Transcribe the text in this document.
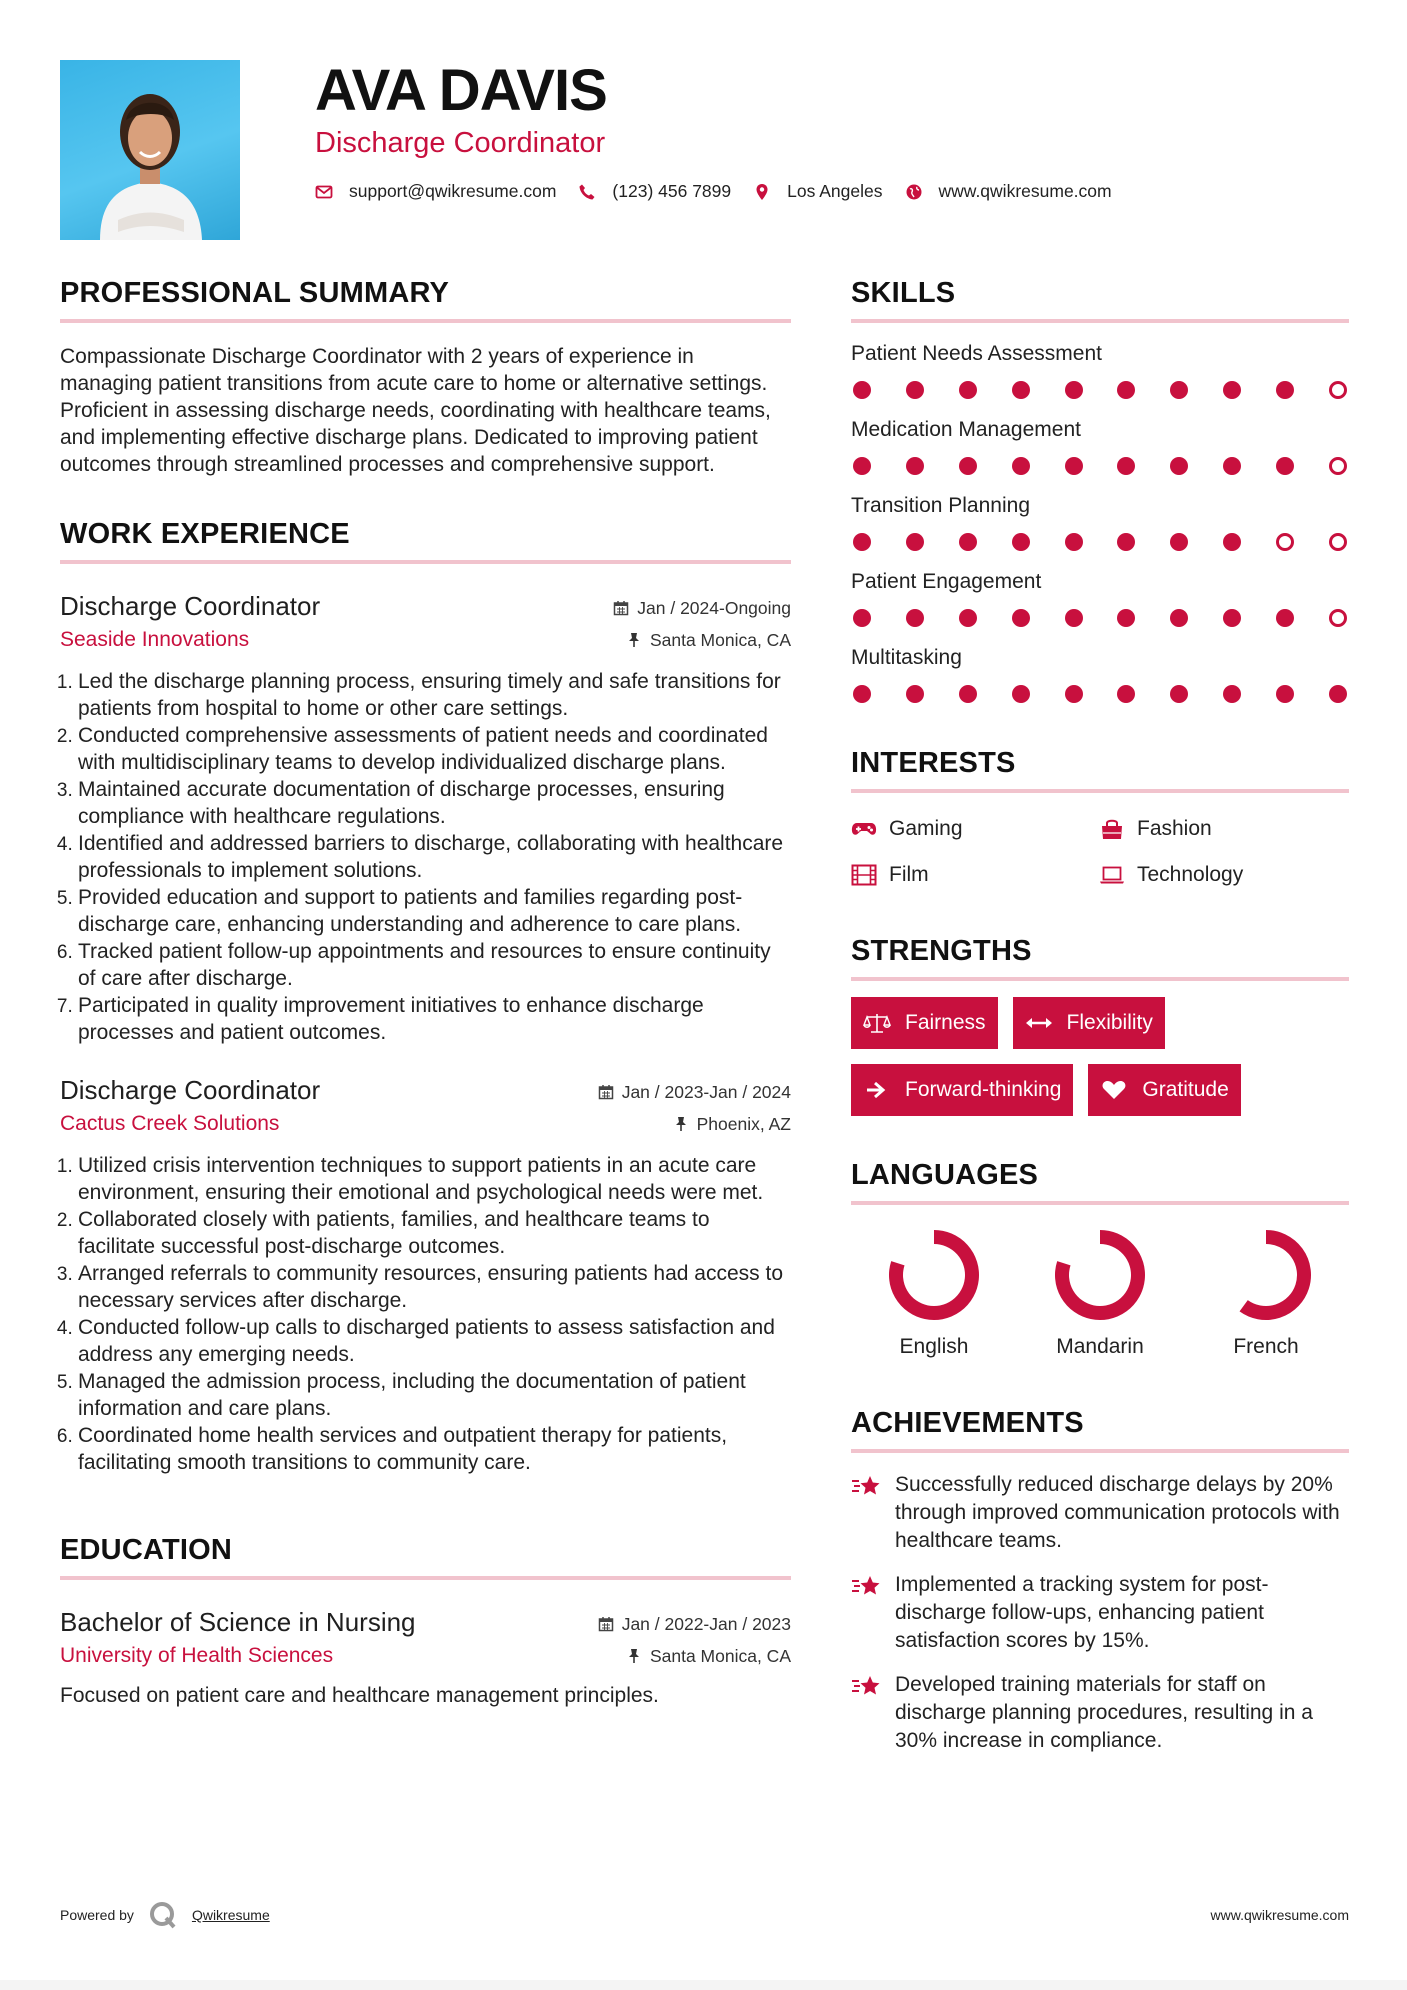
AVA DAVIS
Discharge Coordinator
support@qwikresume.com	(123) 456 7899	Los Angeles	www.qwikresume.com
PROFESSIONAL SUMMARY
Compassionate Discharge Coordinator with 2 years of experience in managing patient transitions from acute care to home or alternative settings. Proficient in assessing discharge needs, coordinating with healthcare teams, and implementing effective discharge plans. Dedicated to improving patient outcomes through streamlined processes and comprehensive support.
WORK EXPERIENCE
Discharge Coordinator
Seaside Innovations
Jan / 2024-Ongoing
Santa Monica, CA
1. Led the discharge planning process, ensuring timely and safe transitions for patients from hospital to home or other care settings.
2. Conducted comprehensive assessments of patient needs and coordinated with multidisciplinary teams to develop individualized discharge plans.
3. Maintained accurate documentation of discharge processes, ensuring compliance with healthcare regulations.
4. Identified and addressed barriers to discharge, collaborating with healthcare professionals to implement solutions.
5. Provided education and support to patients and families regarding post-discharge care, enhancing understanding and adherence to care plans.
6. Tracked patient follow-up appointments and resources to ensure continuity of care after discharge.
7. Participated in quality improvement initiatives to enhance discharge processes and patient outcomes.
Discharge Coordinator
Cactus Creek Solutions
Jan / 2023-Jan / 2024
Phoenix, AZ
1. Utilized crisis intervention techniques to support patients in an acute care environment, ensuring their emotional and psychological needs were met.
2. Collaborated closely with patients, families, and healthcare teams to facilitate successful post-discharge outcomes.
3. Arranged referrals to community resources, ensuring patients had access to necessary services after discharge.
4. Conducted follow-up calls to discharged patients to assess satisfaction and address any emerging needs.
5. Managed the admission process, including the documentation of patient information and care plans.
6. Coordinated home health services and outpatient therapy for patients, facilitating smooth transitions to community care.
EDUCATION
Bachelor of Science in Nursing
University of Health Sciences
Jan / 2022-Jan / 2023
Santa Monica, CA
Focused on patient care and healthcare management principles.
SKILLS
Patient Needs Assessment
Medication Management
Transition Planning
Patient Engagement
Multitasking
INTERESTS
Gaming	Fashion
Film	Technology
STRENGTHS
Fairness	Flexibility
Forward-thinking	Gratitude
LANGUAGES
English	Mandarin	French
ACHIEVEMENTS
Successfully reduced discharge delays by 20% through improved communication protocols with healthcare teams.
Implemented a tracking system for post-discharge follow-ups, enhancing patient satisfaction scores by 15%.
Developed training materials for staff on discharge planning procedures, resulting in a 30% increase in compliance.
Powered by	Qwikresume	www.qwikresume.com
